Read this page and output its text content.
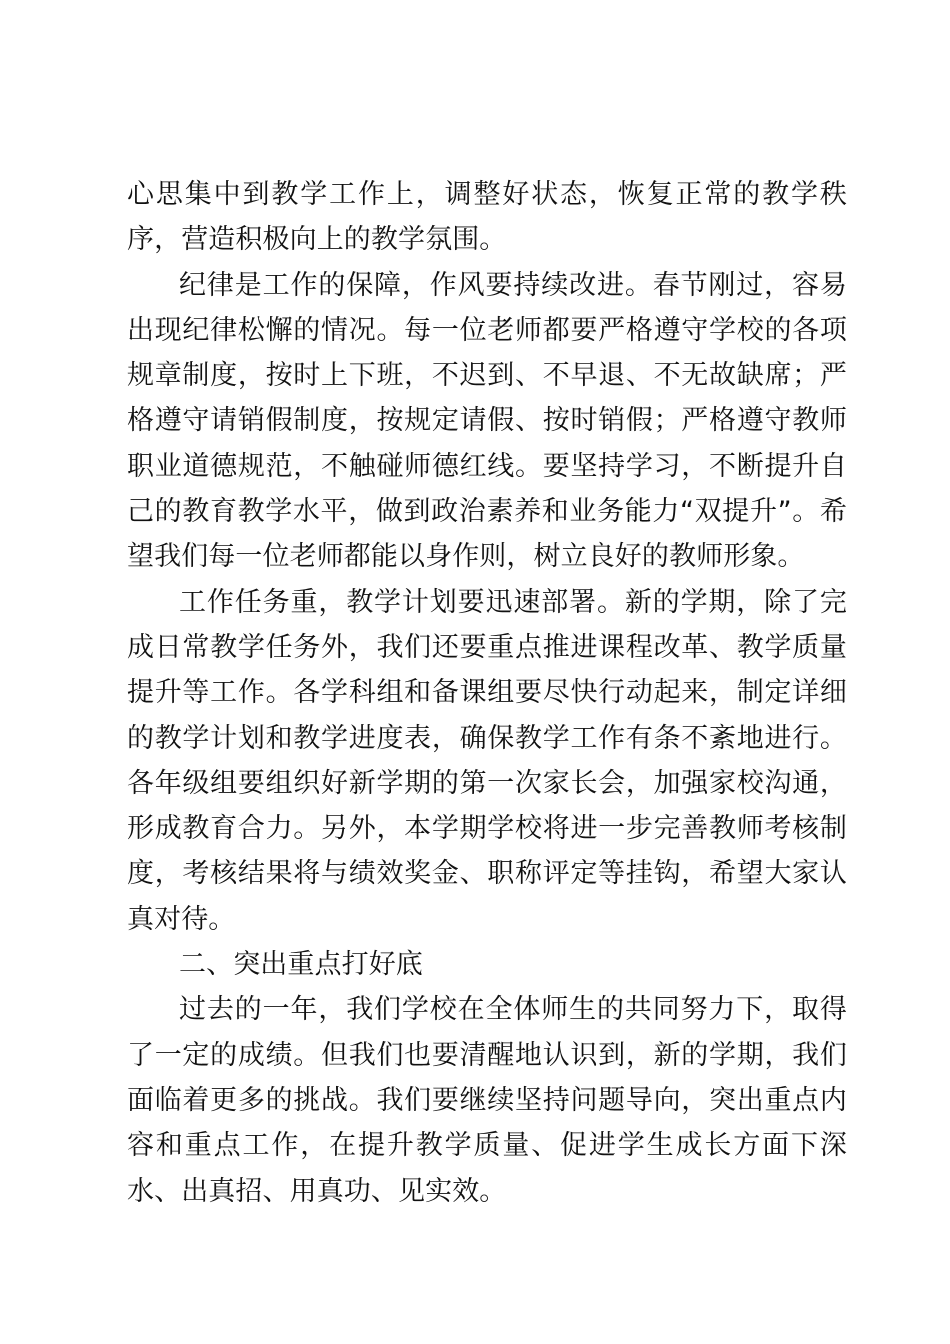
心思集中到教学工作上，调整好状态，恢复正常的教学秩序，营造积极向上的教学氛围。

纪律是工作的保障，作风要持续改进。春节刚过，容易出现纪律松懈的情况。每一位老师都要严格遵守学校的各项规章制度，按时上下班，不迟到、不早退、不无故缺席；严格遵守请销假制度，按规定请假、按时销假；严格遵守教师职业道德规范，不触碰师德红线。要坚持学习，不断提升自己的教育教学水平，做到政治素养和业务能力“双提升”。希望我们每一位老师都能以身作则，树立良好的教师形象。

工作任务重，教学计划要迅速部署。新的学期，除了完成日常教学任务外，我们还要重点推进课程改革、教学质量提升等工作。各学科组和备课组要尽快行动起来，制定详细的教学计划和教学进度表，确保教学工作有条不紊地进行。各年级组要组织好新学期的第一次家长会，加强家校沟通，形成教育合力。另外，本学期学校将进一步完善教师考核制度，考核结果将与绩效奖金、职称评定等挂钩，希望大家认真对待。

二、突出重点打好底

过去的一年，我们学校在全体师生的共同努力下，取得了一定的成绩。但我们也要清醒地认识到，新的学期，我们面临着更多的挑战。我们要继续坚持问题导向，突出重点内容和重点工作，在提升教学质量、促进学生成长方面下深水、出真招、用真功、见实效。
